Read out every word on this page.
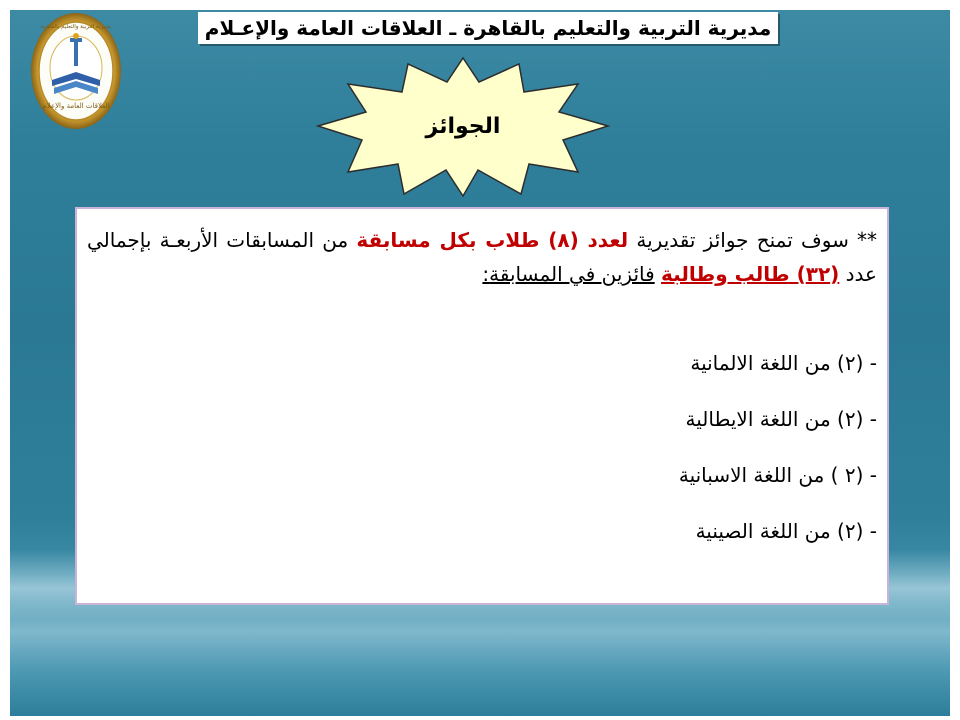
مديرية التربية والتعليم بالقاهرة ـ العلاقات العامة والإعـلام
العلاقات العامة والإعلام
مديرية التربية والتعليم بالقاهرة
الجوائز

** سوف تمنح جوائز تقديرية لعدد (٨) طلاب بكل مسابقة من المسابقات الأربعـة بإجمالي عدد (٣٢) طالب وطالبة فائزين في المسابقة:

- (٢) من اللغة الالمانية
- (٢) من اللغة الايطالية
- (٢ ) من اللغة الاسبانية
- (٢) من اللغة الصينية
